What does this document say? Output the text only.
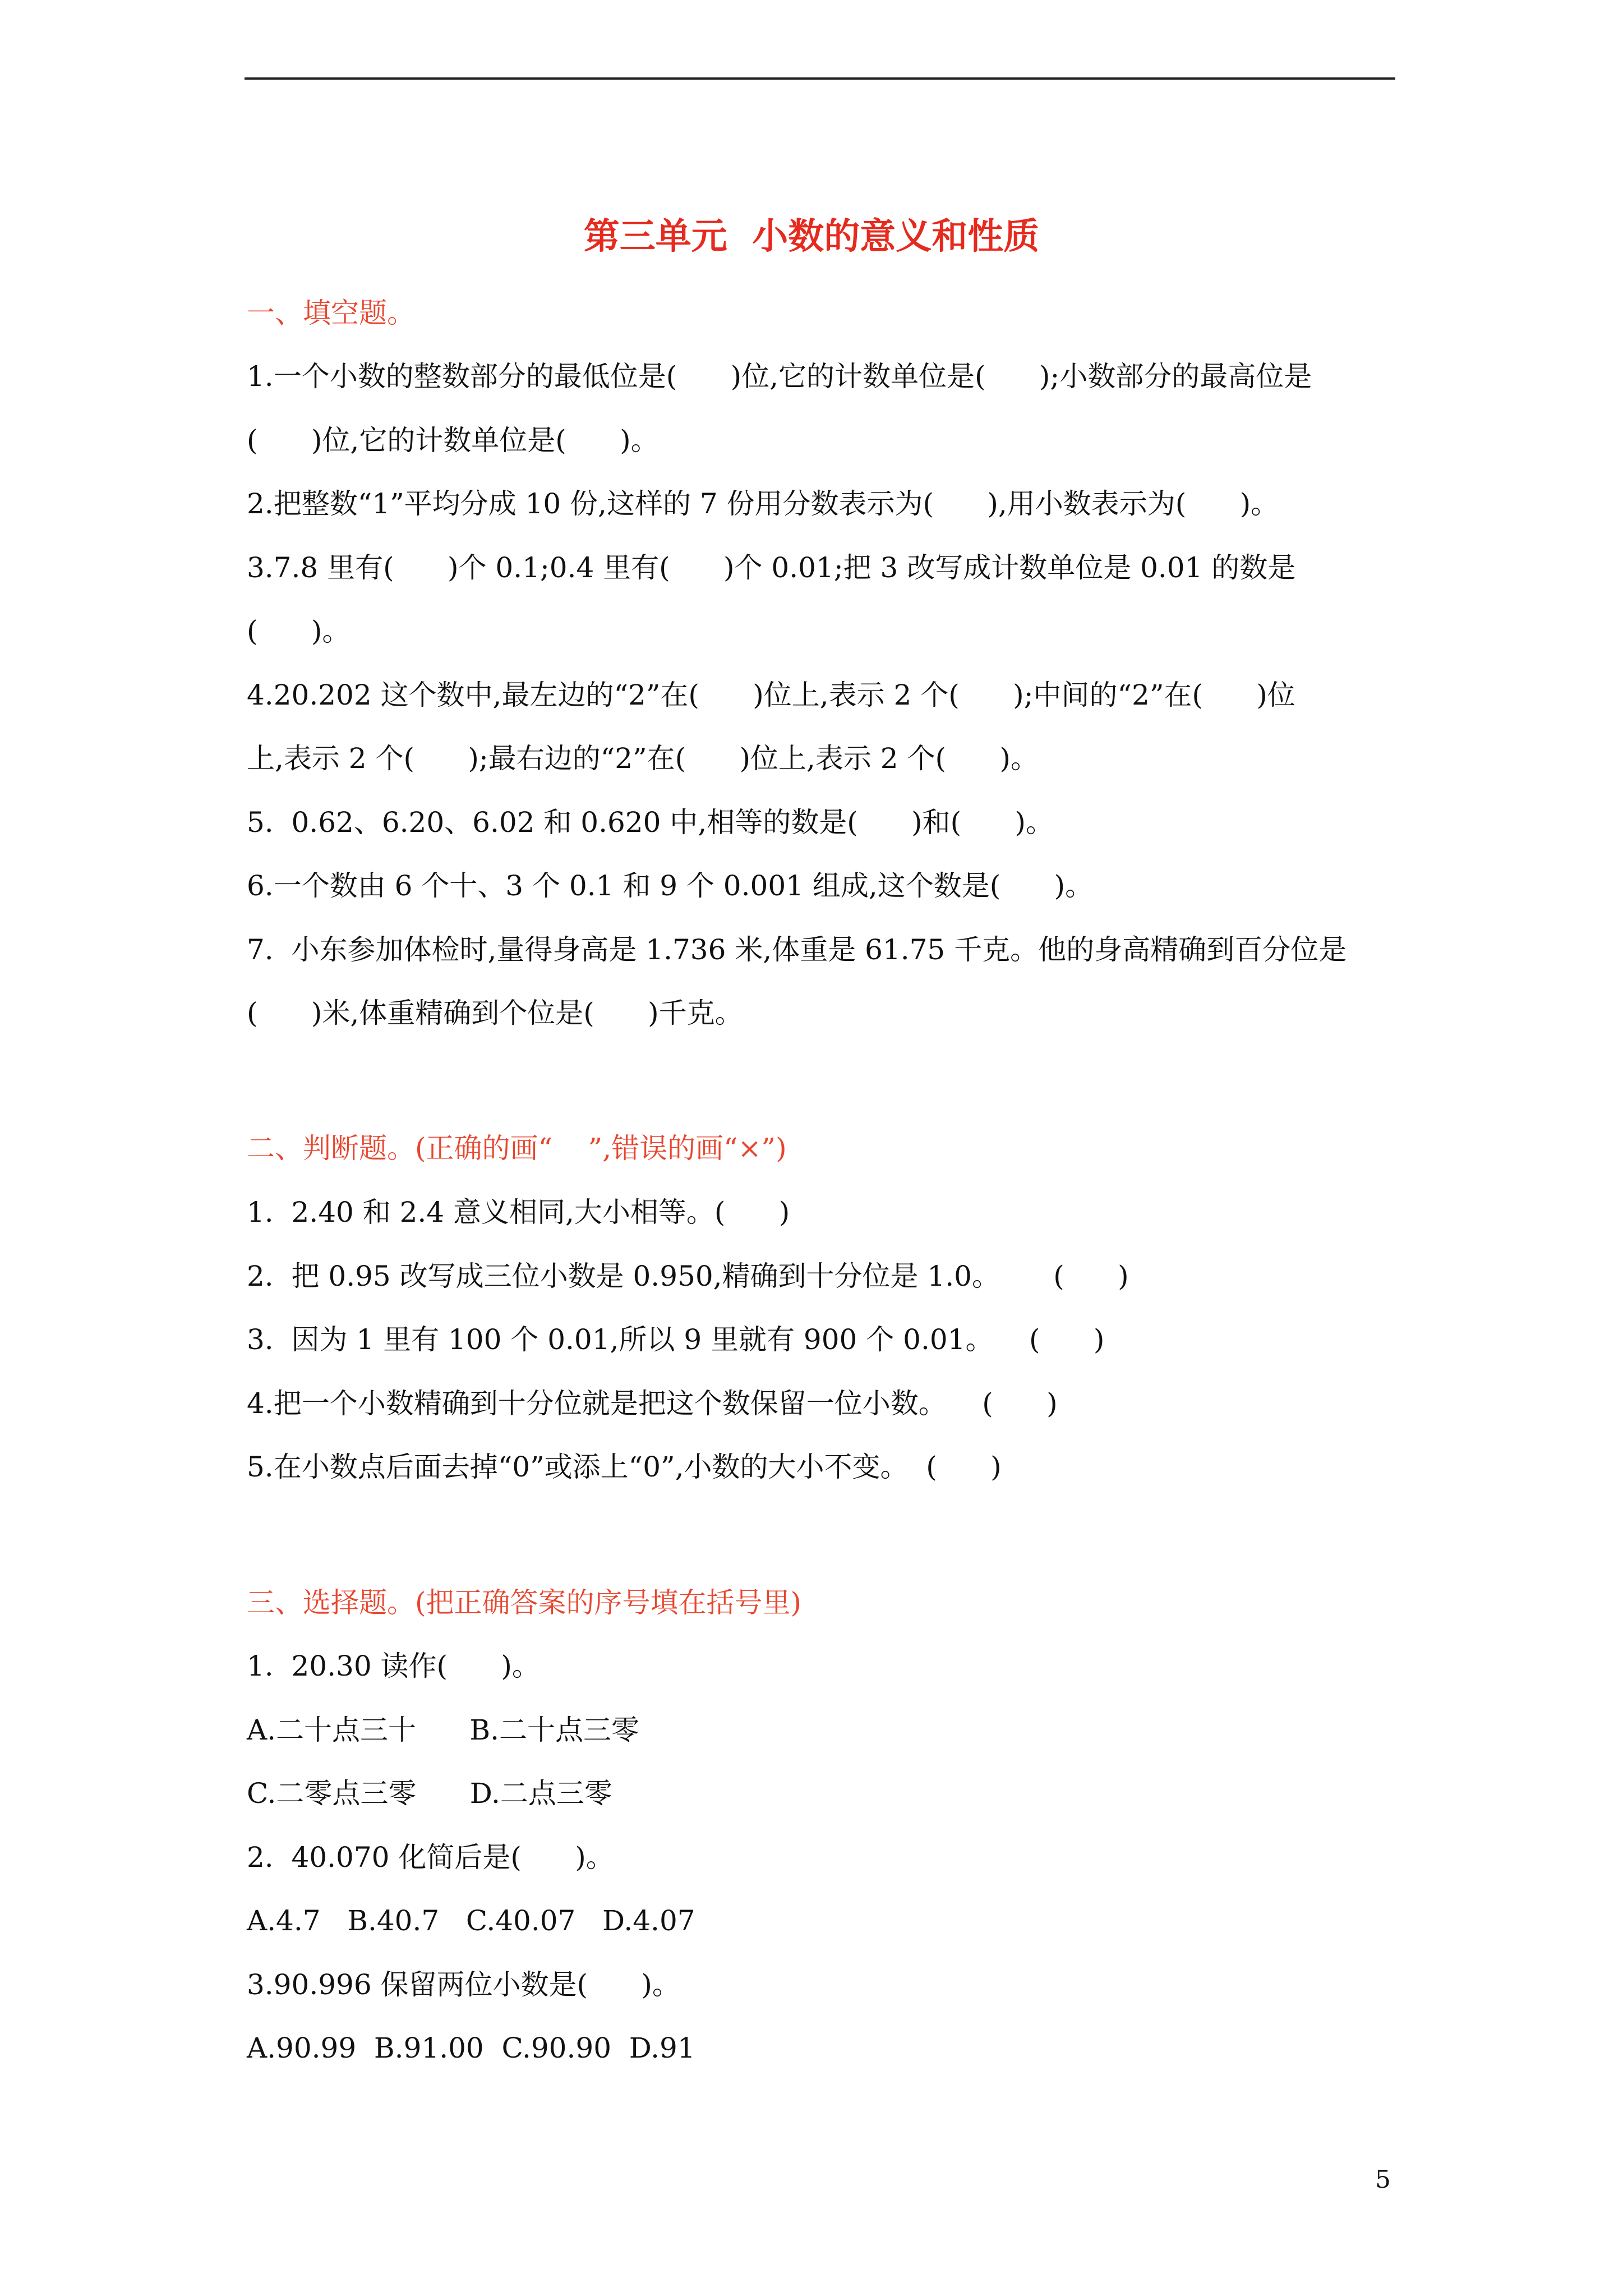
第三单元  小数的意义和性质
一、填空题。
1.一个小数的整数部分的最低位是(      )位,它的计数单位是(      );小数部分的最高位是
(      )位,它的计数单位是(      )。
2.把整数“1”平均分成 10 份,这样的 7 份用分数表示为(      ),用小数表示为(      )。
3.7.8 里有(      )个 0.1;0.4 里有(      )个 0.01;把 3 改写成计数单位是 0.01 的数是
(      )。
4.20.202 这个数中,最左边的“2”在(      )位上,表示 2 个(      );中间的“2”在(      )位
上,表示 2 个(      );最右边的“2”在(      )位上,表示 2 个(      )。
5.  0.62、6.20、6.02 和 0.620 中,相等的数是(      )和(      )。
6.一个数由 6 个十、3 个 0.1 和 9 个 0.001 组成,这个数是(      )。
7.  小东参加体检时,量得身高是 1.736 米,体重是 61.75 千克。他的身高精确到百分位是
(      )米,体重精确到个位是(      )千克。
二、判断题。(正确的画“    ”,错误的画“×”)
1.  2.40 和 2.4 意义相同,大小相等。(      )
2.  把 0.95 改写成三位小数是 0.950,精确到十分位是 1.0。      (      )
3.  因为 1 里有 100 个 0.01,所以 9 里就有 900 个 0.01。    (      )
4.把一个小数精确到十分位就是把这个数保留一位小数。    (      )
5.在小数点后面去掉“0”或添上“0”,小数的大小不变。  (      )
三、选择题。(把正确答案的序号填在括号里)
1.  20.30 读作(      )。
A.二十点三十      B.二十点三零
C.二零点三零      D.二点三零
2.  40.070 化简后是(      )。
A.4.7   B.40.7   C.40.07   D.4.07
3.90.996 保留两位小数是(      )。
A.90.99  B.91.00  C.90.90  D.91
5
